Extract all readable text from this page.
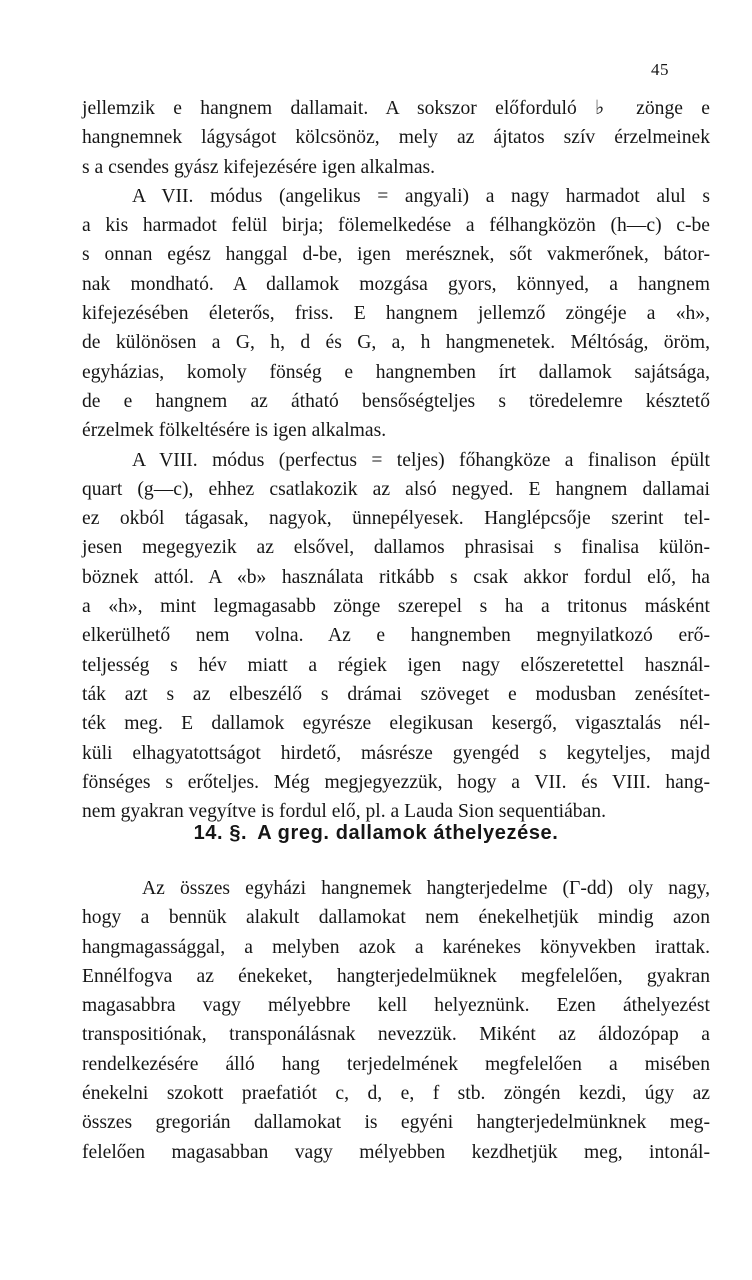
45
jellemzik e hangnem dallamait. A sokszor előforduló ♭ zönge e
hangnemnek lágyságot kölcsönöz, mely az ájtatos szív érzelmeinek
s a csendes gyász kifejezésére igen alkalmas.
A VII. módus (angelikus = angyali) a nagy harmadot alul s
a kis harmadot felül birja; fölemelkedése a félhangközön (h—c) c-be
s onnan egész hanggal d-be, igen merésznek, sőt vakmerőnek, bátor-
nak mondható. A dallamok mozgása gyors, könnyed, a hangnem
kifejezésében életerős, friss. E hangnem jellemző zöngéje a «h»,
de különösen a G, h, d és G, a, h hangmenetek. Méltóság, öröm,
egyházias, komoly fönség e hangnemben írt dallamok sajátsága,
de e hangnem az átható bensőségteljes s töredelemre késztető
érzelmek fölkeltésére is igen alkalmas.
A VIII. módus (perfectus = teljes) főhangköze a finalison épült
quart (g—c), ehhez csatlakozik az alsó negyed. E hangnem dallamai
ez okból tágasak, nagyok, ünnepélyesek. Hanglépcsője szerint tel-
jesen megegyezik az elsővel, dallamos phrasisai s finalisa külön-
böznek attól. A «b» használata ritkább s csak akkor fordul elő, ha
a «h», mint legmagasabb zönge szerepel s ha a tritonus másként
elkerülhető nem volna. Az e hangnemben megnyilatkozó erő-
teljesség s hév miatt a régiek igen nagy előszeretettel használ-
ták azt s az elbeszélő s drámai szöveget e modusban zenésítet-
ték meg. E dallamok egyrésze elegikusan kesergő, vigasztalás nél-
küli elhagyatottságot hirdető, másrésze gyengéd s kegyteljes, majd
fönséges s erőteljes. Még megjegyezzük, hogy a VII. és VIII. hang-
nem gyakran vegyítve is fordul elő, pl. a Lauda Sion sequentiában.
14. §. A greg. dallamok áthelyezése.
Az összes egyházi hangnemek hangterjedelme (Γ-dd) oly nagy,
hogy a bennük alakult dallamokat nem énekelhetjük mindig azon
hangmagassággal, a melyben azok a karénekes könyvekben irattak.
Ennélfogva az énekeket, hangterjedelmüknek megfelelően, gyakran
magasabbra vagy mélyebbre kell helyeznünk. Ezen áthelyezést
transpositiónak, transponálásnak nevezzük. Miként az áldozópap a
rendelkezésére álló hang terjedelmének megfelelően a misében
énekelni szokott praefatiót c, d, e, f stb. zöngén kezdi, úgy az
összes gregorián dallamokat is egyéni hangterjedelmünknek meg-
felelően magasabban vagy mélyebben kezdhetjük meg, intonál-
